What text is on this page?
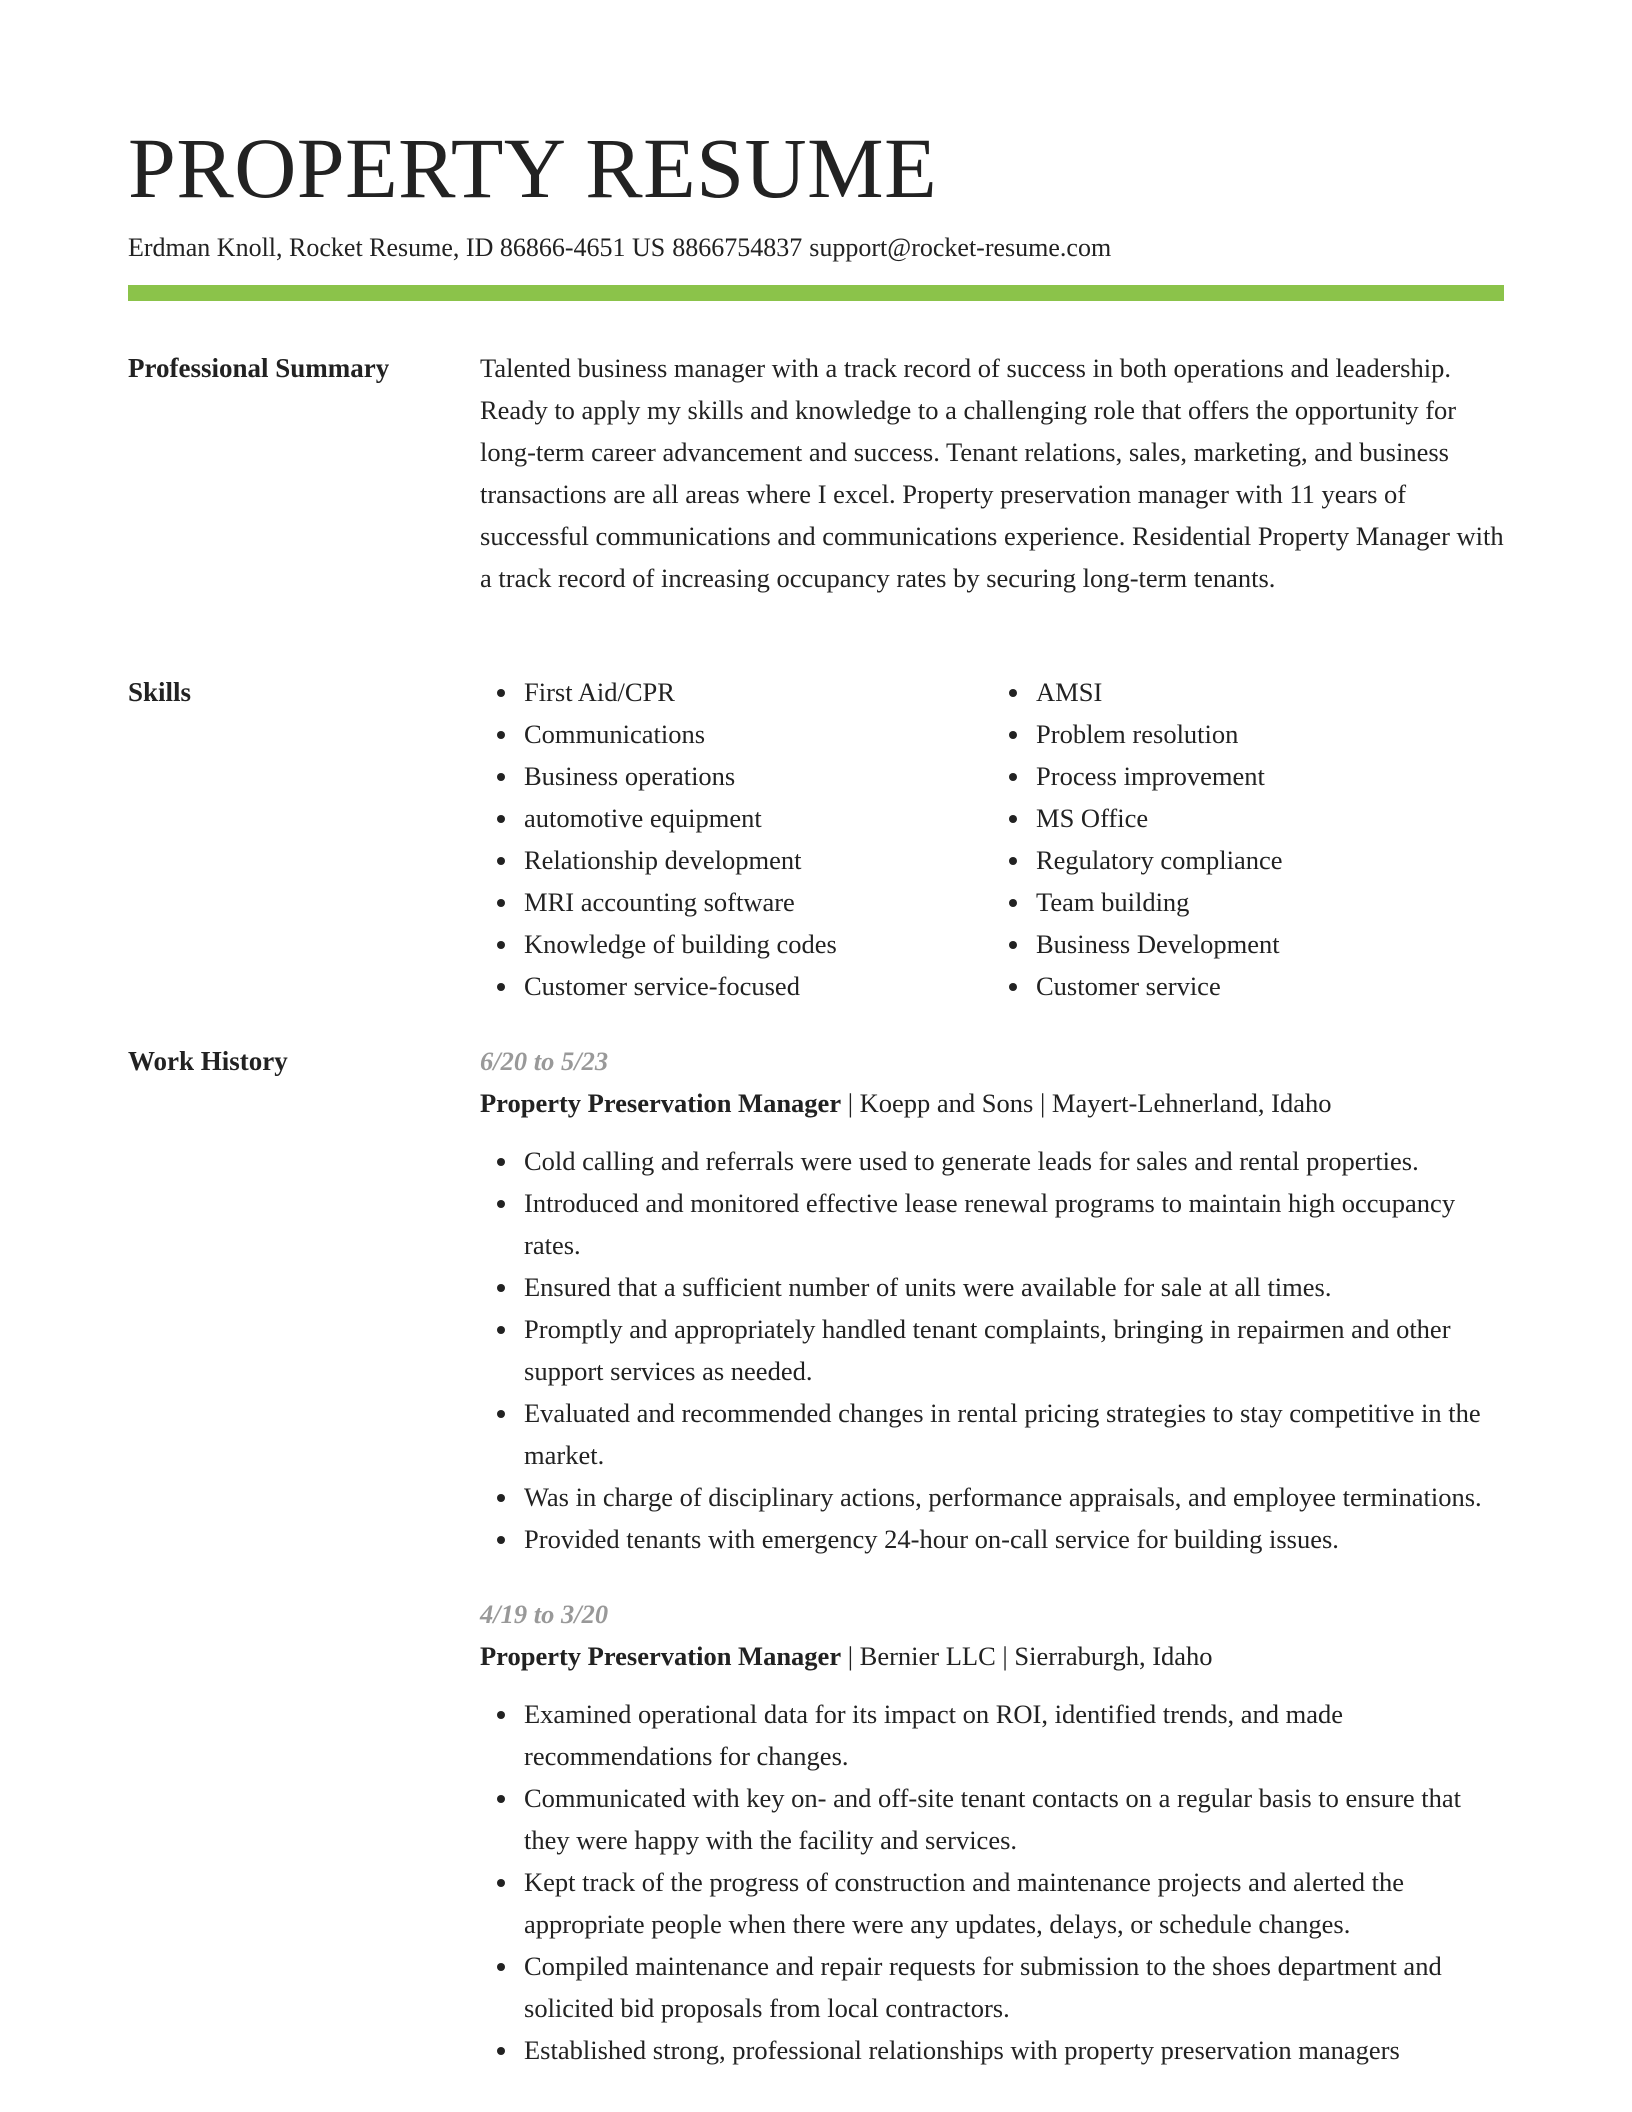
PROPERTY RESUME
Erdman Knoll, Rocket Resume, ID 86866-4651 US 8866754837 support@rocket-resume.com
Professional Summary	Talented business manager with a track record of success in both operations and leadership. Ready to apply my skills and knowledge to a challenging role that offers the opportunity for long-term career advancement and success. Tenant relations, sales, marketing, and business transactions are all areas where I excel. Property preservation manager with 11 years of successful communications and communications experience. Residential Property Manager with a track record of increasing occupancy rates by securing long-term tenants.

Skills	First Aid/CPR
Communications
Business operations
automotive equipment
Relationship development
MRI accounting software
Knowledge of building codes
Customer service-focused
AMSI
Problem resolution
Process improvement
MS Office
Regulatory compliance
Team building
Business Development
Customer service
Work History	6/20 to 5/23
Property Preservation Manager | Koepp and Sons | Mayert-Lehnerland, Idaho
Cold calling and referrals were used to generate leads for sales and rental properties.
Introduced and monitored effective lease renewal programs to maintain high occupancy rates.
Ensured that a sufficient number of units were available for sale at all times.
Promptly and appropriately handled tenant complaints, bringing in repairmen and other support services as needed.
Evaluated and recommended changes in rental pricing strategies to stay competitive in the market.
Was in charge of disciplinary actions, performance appraisals, and employee terminations.
Provided tenants with emergency 24-hour on-call service for building issues.
4/19 to 3/20
Property Preservation Manager | Bernier LLC | Sierraburgh, Idaho
Examined operational data for its impact on ROI, identified trends, and made recommendations for changes.
Communicated with key on- and off-site tenant contacts on a regular basis to ensure that they were happy with the facility and services.
Kept track of the progress of construction and maintenance projects and alerted the appropriate people when there were any updates, delays, or schedule changes.
Compiled maintenance and repair requests for submission to the shoes department and solicited bid proposals from local contractors.
Established strong, professional relationships with property preservation managers
